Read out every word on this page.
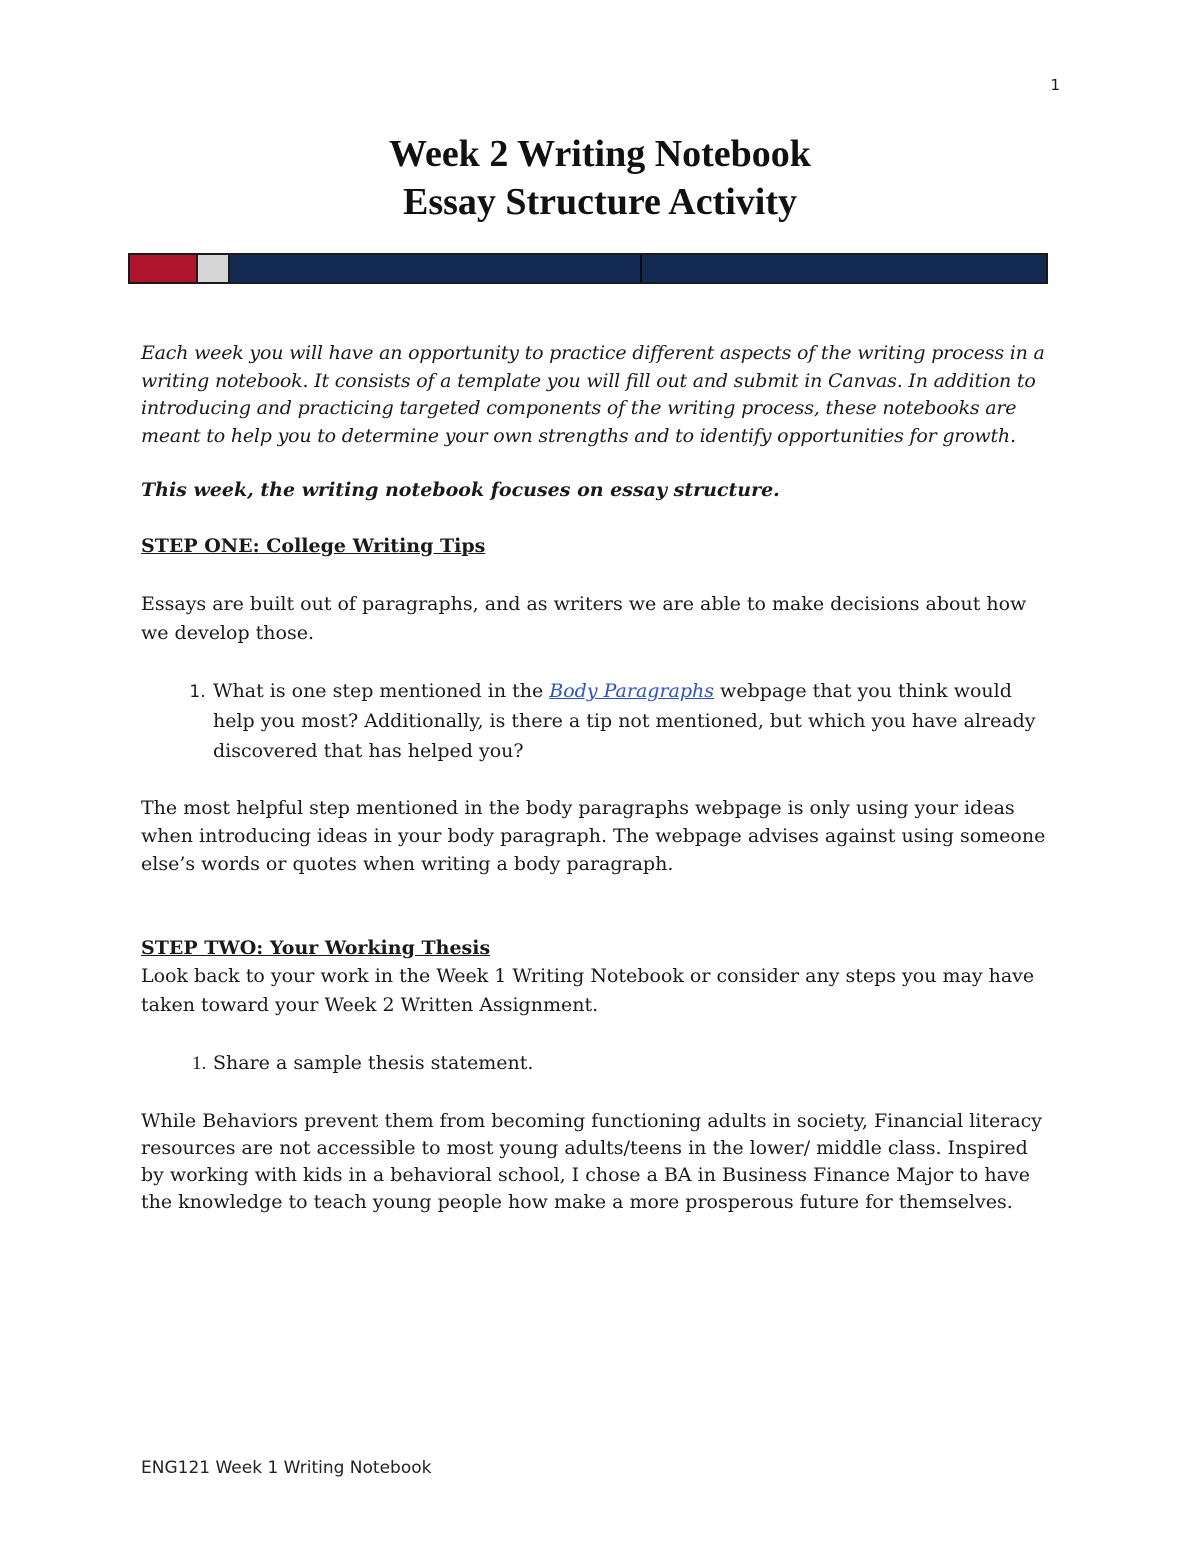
1
Week 2 Writing Notebook
Essay Structure Activity

Each week you will have an opportunity to practice different aspects of the writing process in a writing notebook. It consists of a template you will fill out and submit in Canvas. In addition to introducing and practicing targeted components of the writing process, these notebooks are meant to help you to determine your own strengths and to identify opportunities for growth.

This week, the writing notebook focuses on essay structure.

STEP ONE: College Writing Tips

Essays are built out of paragraphs, and as writers we are able to make decisions about how we develop those.

1. What is one step mentioned in the Body Paragraphs webpage that you think would help you most? Additionally, is there a tip not mentioned, but which you have already discovered that has helped you?

The most helpful step mentioned in the body paragraphs webpage is only using your ideas when introducing ideas in your body paragraph. The webpage advises against using someone else’s words or quotes when writing a body paragraph.

STEP TWO: Your Working Thesis

Look back to your work in the Week 1 Writing Notebook or consider any steps you may have taken toward your Week 2 Written Assignment.

1. Share a sample thesis statement.

While Behaviors prevent them from becoming functioning adults in society, Financial literacy resources are not accessible to most young adults/teens in the lower/ middle class. Inspired by working with kids in a behavioral school, I chose a BA in Business Finance Major to have the knowledge to teach young people how make a more prosperous future for themselves.

ENG121 Week 1 Writing Notebook
